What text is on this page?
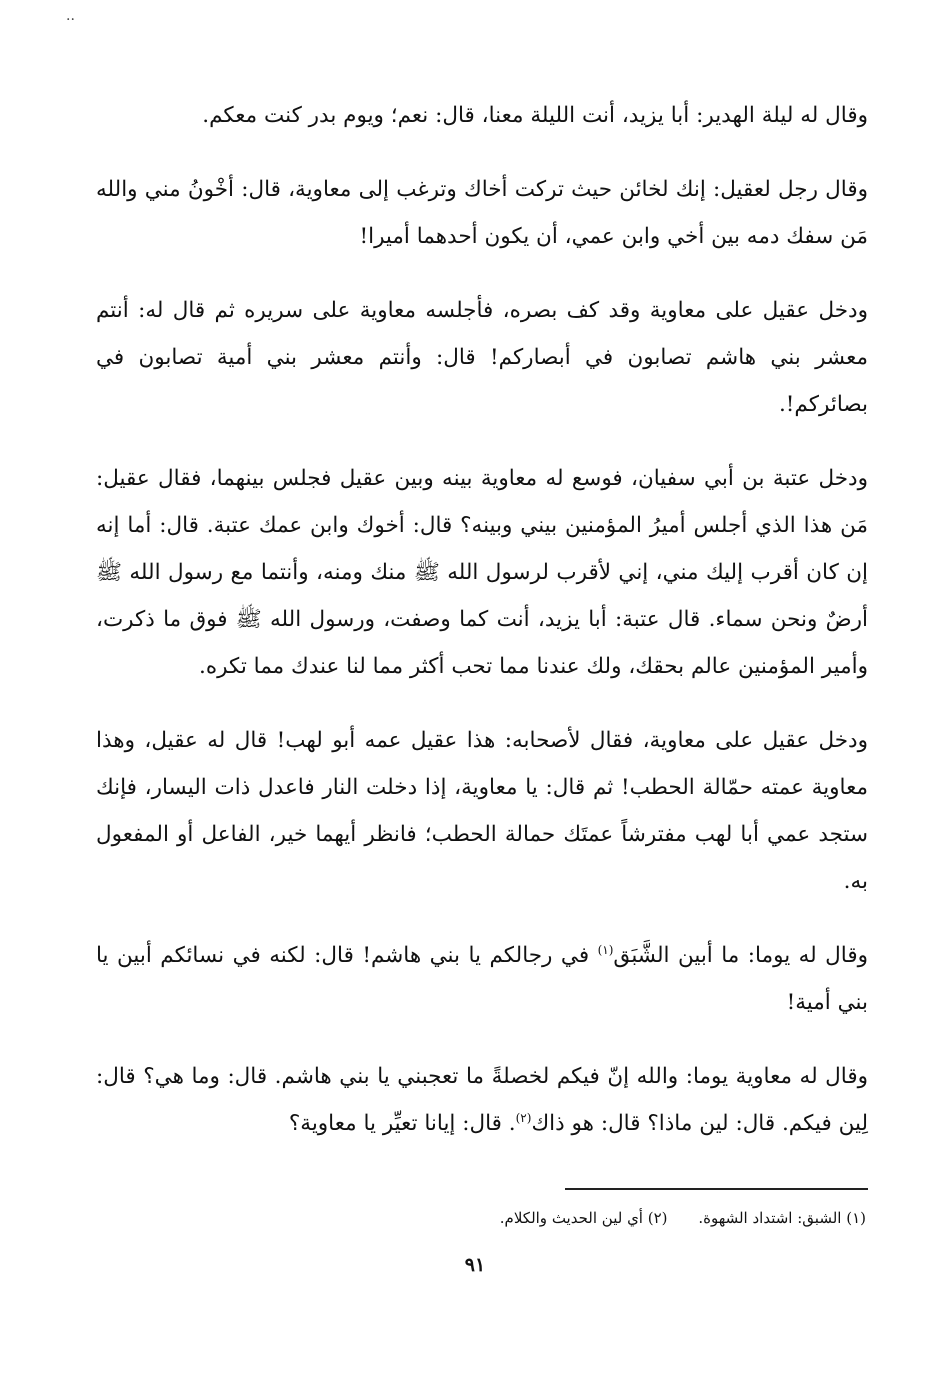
..

وقال له ليلة الهدير: أبا يزيد، أنت الليلة معنا، قال: نعم؛ ويوم بدر كنت معكم.

وقال رجل لعقيل: إنك لخائن حيث تركت أخاك وترغب إلى معاوية، قال: أخْونُ مني والله مَن سفك دمه بين أخي وابن عمي، أن يكون أحدهما أميرا!

ودخل عقيل على معاوية وقد كف بصره، فأجلسه معاوية على سريره ثم قال له: أنتم معشر بني هاشم تصابون في أبصاركم! قال: وأنتم معشر بني أمية تصابون في بصائركم!.

ودخل عتبة بن أبي سفيان، فوسع له معاوية بينه وبين عقيل فجلس بينهما، فقال عقيل: مَن هذا الذي أجلس أميرُ المؤمنين بيني وبينه؟ قال: أخوك وابن عمك عتبة. قال: أما إنه إن كان أقرب إليك مني، إني لأقرب لرسول الله ﷺ منك ومنه، وأنتما مع رسول الله ﷺ أرضٌ ونحن سماء. قال عتبة: أبا يزيد، أنت كما وصفت، ورسول الله ﷺ فوق ما ذكرت، وأمير المؤمنين عالم بحقك، ولك عندنا مما تحب أكثر مما لنا عندك مما تكره.

ودخل عقيل على معاوية، فقال لأصحابه: هذا عقيل عمه أبو لهب! قال له عقيل، وهذا معاوية عمته حمّالة الحطب! ثم قال: يا معاوية، إذا دخلت النار فاعدل ذات اليسار، فإنك ستجد عمي أبا لهب مفترشاً عمتَك حمالة الحطب؛ فانظر أيهما خير، الفاعل أو المفعول به.

وقال له يوما: ما أبين الشَّبَق$^{(١)}$ في رجالكم يا بني هاشم! قال: لكنه في نسائكم أبين يا بني أمية!

وقال له معاوية يوما: والله إنّ فيكم لخصلةً ما تعجبني يا بني هاشم. قال: وما هي؟ قال: لِين فيكم. قال: لين ماذا؟ قال: هو ذاك$^{(٢)}$. قال: إيانا تعيِّر يا معاوية؟

(١) الشبق: اشتداد الشهوة. (٢) أي لين الحديث والكلام.
٩١
